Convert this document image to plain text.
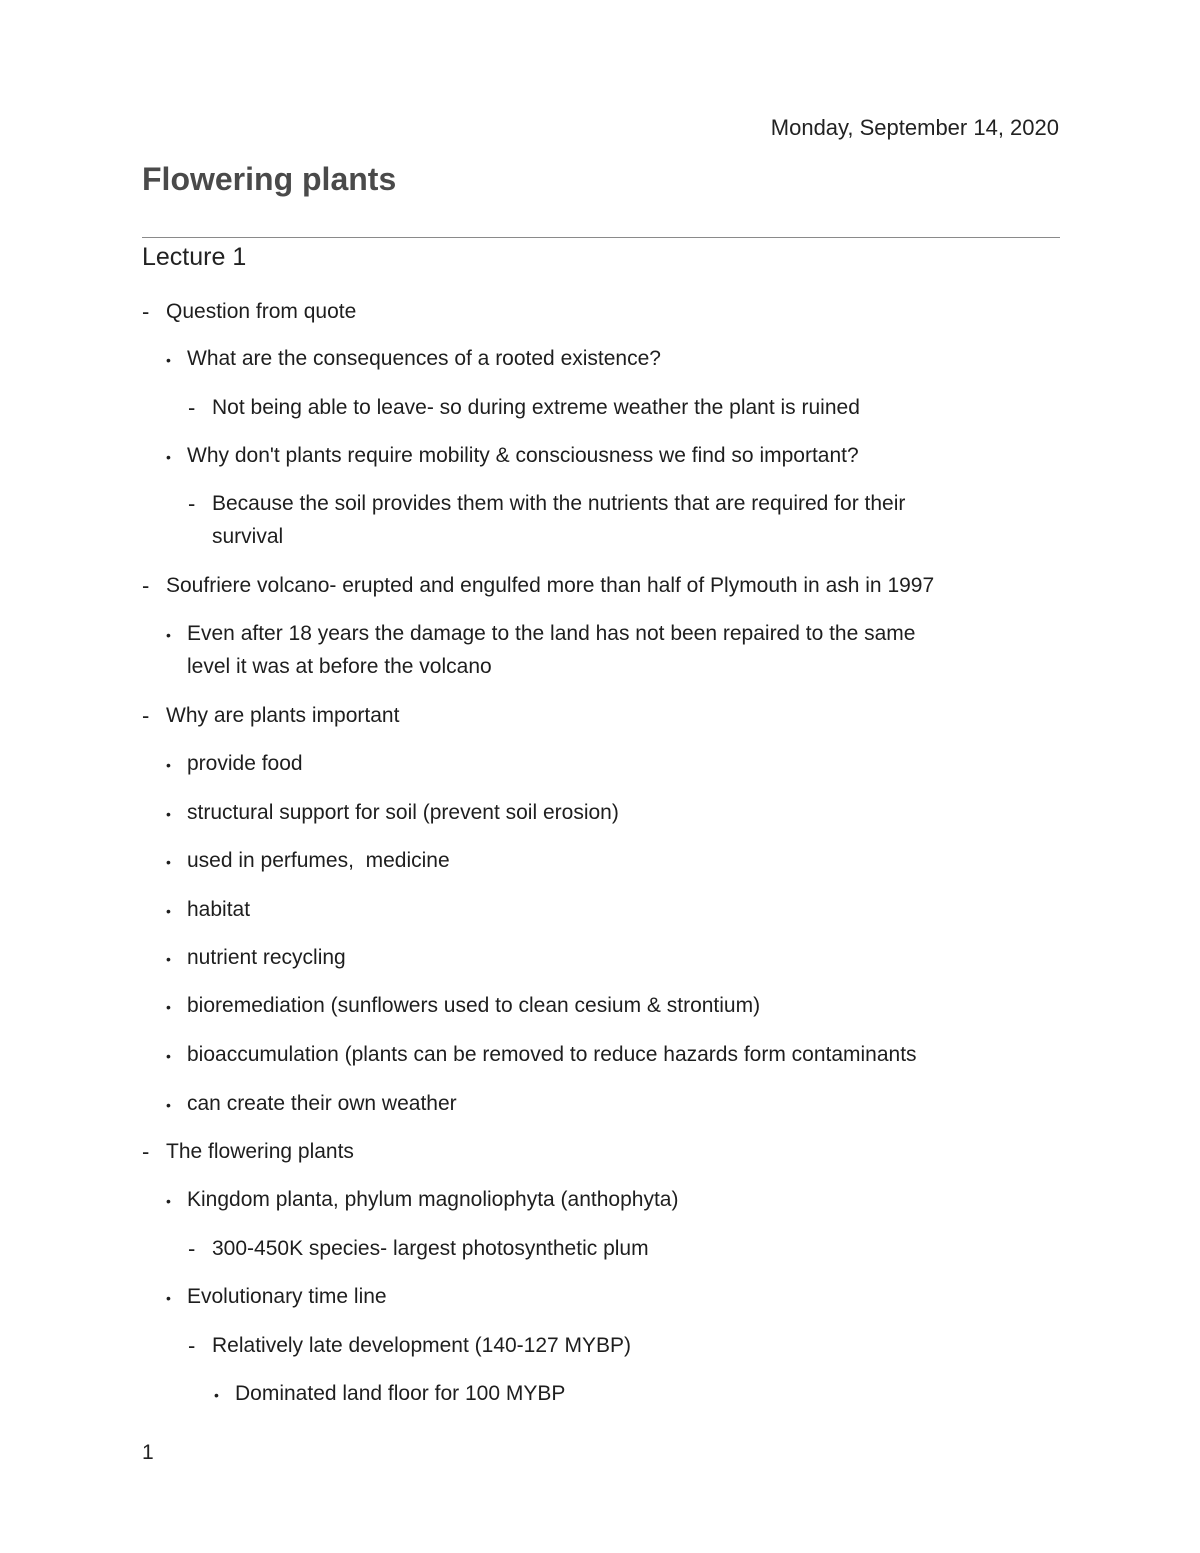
Monday, September 14, 2020
Flowering plants
Lecture 1
- Question from quote
• What are the consequences of a rooted existence?
- Not being able to leave- so during extreme weather the plant is ruined
• Why don't plants require mobility & consciousness we find so important?
- Because the soil provides them with the nutrients that are required for their
survival
- Soufriere volcano- erupted and engulfed more than half of Plymouth in ash in 1997
• Even after 18 years the damage to the land has not been repaired to the same
level it was at before the volcano
- Why are plants important
• provide food
• structural support for soil (prevent soil erosion)
• used in perfumes,  medicine
• habitat
• nutrient recycling
• bioremediation (sunflowers used to clean cesium & strontium)
• bioaccumulation (plants can be removed to reduce hazards form contaminants
• can create their own weather
- The flowering plants
• Kingdom planta, phylum magnoliophyta (anthophyta)
- 300-450K species- largest photosynthetic plum
• Evolutionary time line
- Relatively late development (140-127 MYBP)
• Dominated land floor for 100 MYBP
1
